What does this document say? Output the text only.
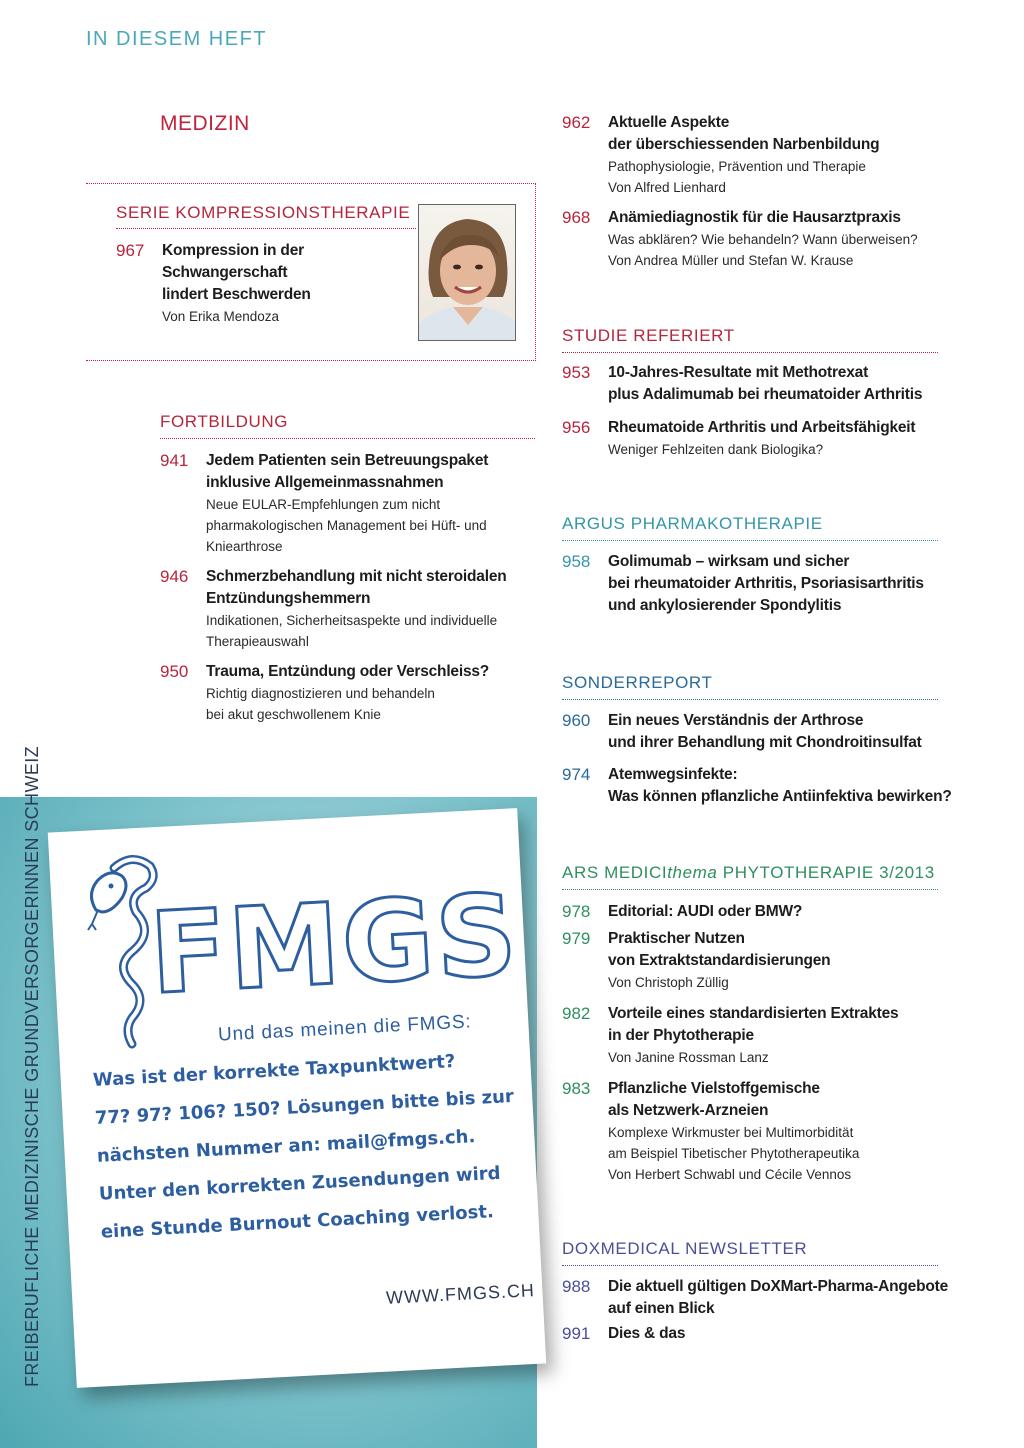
IN DIESEM HEFT
MEDIZIN
SERIE KOMPRESSIONSTHERAPIE
967	Kompression in der Schwangerschaft
lindert Beschwerden
Von Erika Mendoza
FORTBILDUNG
941	Jedem Patienten sein Betreuungspaket
inklusive Allgemeinmassnahmen
Neue EULAR-Empfehlungen zum nicht
pharmakologischen Management bei Hüft- und
Kniearthrose
946	Schmerzbehandlung mit nicht steroidalen
Entzündungshemmern
Indikationen, Sicherheitsaspekte und individuelle
Therapieauswahl
950	Trauma, Entzündung oder Verschleiss?
Richtig diagnostizieren und behandeln
bei akut geschwollenem Knie
962	Aktuelle Aspekte
der überschiessenden Narbenbildung
Pathophysiologie, Prävention und Therapie
Von Alfred Lienhard
968	Anämiediagnostik für die Hausarztpraxis
Was abklären? Wie behandeln? Wann überweisen?
Von Andrea Müller und Stefan W. Krause
STUDIE REFERIERT
953	10-Jahres-Resultate mit Methotrexat
plus Adalimumab bei rheumatoider Arthritis
956	Rheumatoide Arthritis und Arbeitsfähigkeit
Weniger Fehlzeiten dank Biologika?
ARGUS PHARMAKOTHERAPIE
958	Golimumab – wirksam und sicher
bei rheumatoider Arthritis, Psoriasisarthritis
und ankylosierender Spondylitis
SONDERREPORT
960	Ein neues Verständnis der Arthrose
und ihrer Behandlung mit Chondroitinsulfat
974	Atemwegsinfekte:
Was können pflanzliche Antiinfektiva bewirken?
ARS MEDICIthema PHYTOTHERAPIE 3/2013
978	Editorial: AUDI oder BMW?
979	Praktischer Nutzen
von Extraktstandardisierungen
Von Christoph Züllig
982	Vorteile eines standardisierten Extraktes
in der Phytotherapie
Von Janine Rossman Lanz
983	Pflanzliche Vielstoffgemische
als Netzwerk-Arzneien
Komplexe Wirkmuster bei Multimorbidität
am Beispiel Tibetischer Phytotherapeutika
Von Herbert Schwabl und Cécile Vennos
DOXMEDICAL NEWSLETTER
988	Die aktuell gültigen DoXMart-Pharma-Angebote
auf einen Blick
991	Dies & das
FREIBERUFLICHE MEDIZINISCHE GRUNDVERSORGERINNEN SCHWEIZ FMGS
Und das meinen die FMGS:
Was ist der korrekte Taxpunktwert?
77? 97? 106? 150? Lösungen bitte bis zur
nächsten Nummer an: mail@fmgs.ch.
Unter den korrekten Zusendungen wird
eine Stunde Burnout Coaching verlost.
WWW.FMGS.CH
